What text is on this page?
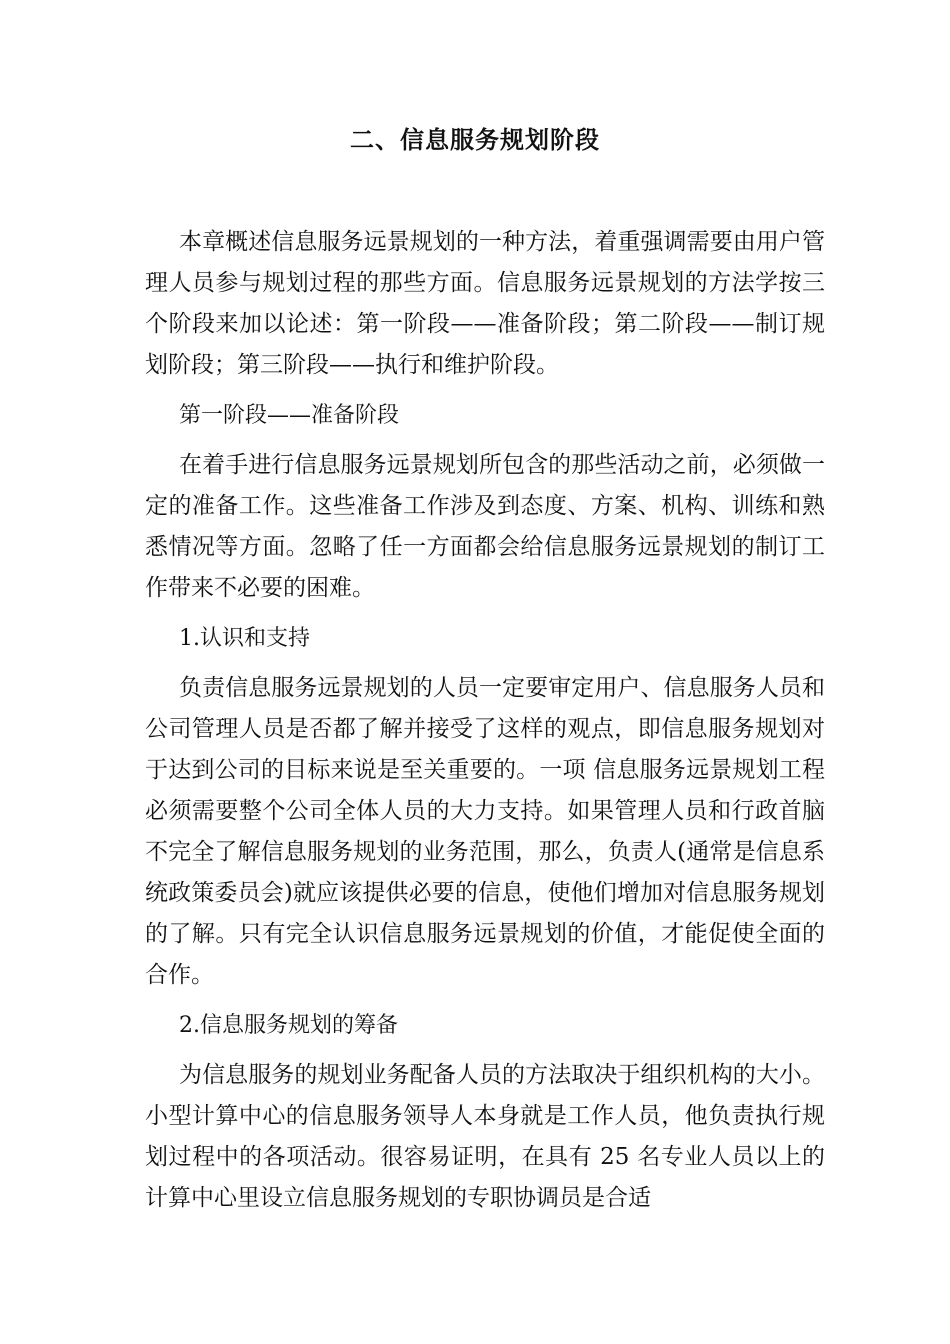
二、信息服务规划阶段

本章概述信息服务远景规划的一种方法，着重强调需要由用户管理人员参与规划过程的那些方面。信息服务远景规划的方法学按三个阶段来加以论述：第一阶段——准备阶段；第二阶段——制订规划阶段；第三阶段——执行和维护阶段。

第一阶段——准备阶段

在着手进行信息服务远景规划所包含的那些活动之前，必须做一定的准备工作。这些准备工作涉及到态度、方案、机构、训练和熟悉情况等方面。忽略了任一方面都会给信息服务远景规划的制订工作带来不必要的困难。

1.认识和支持

负责信息服务远景规划的人员一定要审定用户、信息服务人员和公司管理人员是否都了解并接受了这样的观点，即信息服务规划对于达到公司的目标来说是至关重要的。一项 信息服务远景规划工程必须需要整个公司全体人员的大力支持。如果管理人员和行政首脑不完全了解信息服务规划的业务范围，那么，负责人(通常是信息系统政策委员会)就应该提供必要的信息，使他们增加对信息服务规划的了解。只有完全认识信息服务远景规划的价值，才能促使全面的合作。

2.信息服务规划的筹备

为信息服务的规划业务配备人员的方法取决于组织机构的大小。小型计算中心的信息服务领导人本身就是工作人员，他负责执行规划过程中的各项活动。很容易证明，在具有 25 名专业人员以上的计算中心里设立信息服务规划的专职协调员是合适
